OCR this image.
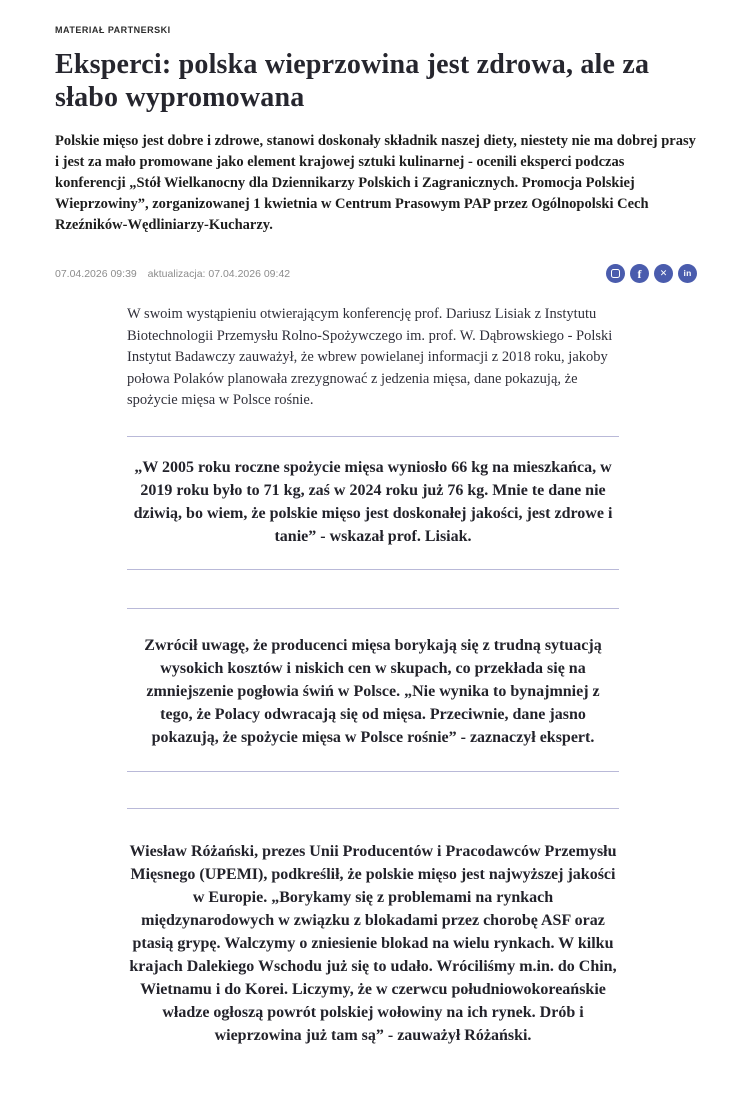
MATERIAŁ PARTNERSKI
Eksperci: polska wieprzowina jest zdrowa, ale za słabo wypromowana

Polskie mięso jest dobre i zdrowe, stanowi doskonały składnik naszej diety, niestety nie ma dobrej prasy i jest za mało promowane jako element krajowej sztuki kulinarnej - ocenili eksperci podczas konferencji „Stół Wielkanocny dla Dziennikarzy Polskich i Zagranicznych. Promocja Polskiej Wieprzowiny”, zorganizowanej 1 kwietnia w Centrum Prasowym PAP przez Ogólnopolski Cech Rzeźników-Wędliniarzy-Kucharzy.

07.04.2026 09:39 aktualizacja: 07.04.2026 09:42	f ✕ in

W swoim wystąpieniu otwierającym konferencję prof. Dariusz Lisiak z Instytutu Biotechnologii Przemysłu Rolno-Spożywczego im. prof. W. Dąbrowskiego - Polski Instytut Badawczy zauważył, że wbrew powielanej informacji z 2018 roku, jakoby połowa Polaków planowała zrezygnować z jedzenia mięsa, dane pokazują, że spożycie mięsa w Polsce rośnie.

„W 2005 roku roczne spożycie mięsa wyniosło 66 kg na mieszkańca, w 2019 roku było to 71 kg, zaś w 2024 roku już 76 kg. Mnie te dane nie dziwią, bo wiem, że polskie mięso jest doskonałej jakości, jest zdrowe i tanie” - wskazał prof. Lisiak.

Zwrócił uwagę, że producenci mięsa borykają się z trudną sytuacją wysokich kosztów i niskich cen w skupach, co przekłada się na zmniejszenie pogłowia świń w Polsce. „Nie wynika to bynajmniej z tego, że Polacy odwracają się od mięsa. Przeciwnie, dane jasno pokazują, że spożycie mięsa w Polsce rośnie” - zaznaczył ekspert.

Wiesław Różański, prezes Unii Producentów i Pracodawców Przemysłu Mięsnego (UPEMI), podkreślił, że polskie mięso jest najwyższej jakości w Europie. „Borykamy się z problemami na rynkach międzynarodowych w związku z blokadami przez chorobę ASF oraz ptasią grypę. Walczymy o zniesienie blokad na wielu rynkach. W kilku krajach Dalekiego Wschodu już się to udało. Wróciliśmy m.in. do Chin, Wietnamu i do Korei. Liczymy, że w czerwcu południowokoreańskie władze ogłoszą powrót polskiej wołowiny na ich rynek. Drób i wieprzowina już tam są” - zauważył Różański.
